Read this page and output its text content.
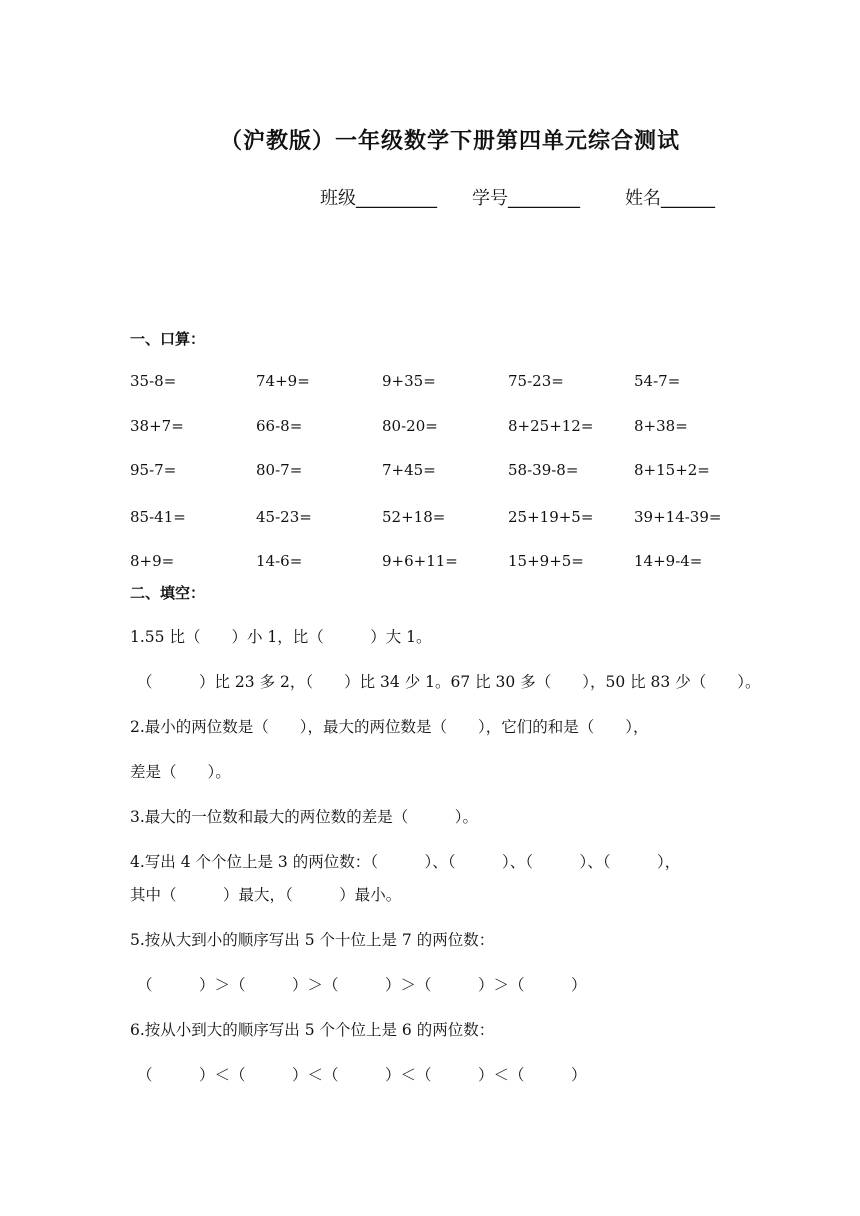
（沪教版）一年级数学下册第四单元综合测试
班级_________ 学号________	姓名______
一、口算：
35-8=	74+9=	9+35=	75-23=	54-7=
38+7=	66-8=	80-20=	8+25+12=	8+38=
95-7=	80-7=	7+45=	58-39-8=	8+15+2=
85-41=	45-23=	52+18=	25+19+5=	39+14-39=
8+9=	14-6=	9+6+11=	15+9+5=	14+9-4=
二、填空：
1.55 比（　　）小 1，比（　　　）大 1。
（　　　）比 23 多 2，（　　）比 34 少 1。67 比 30 多（　　），50 比 83 少（　　）。
2.最小的两位数是（　　），最大的两位数是（　　），它们的和是（　　），
差是（　　）。
3.最大的一位数和最大的两位数的差是（　　　）。
4.写出 4 个个位上是 3 的两位数：（　　　）、（　　　）、（　　　）、（　　　），
其中（　　　）最大，（　　　）最小。
5.按从大到小的顺序写出 5 个十位上是 7 的两位数：
（　　　）＞（　　　）＞（　　　）＞（　　　）＞（　　　）
6.按从小到大的顺序写出 5 个个位上是 6 的两位数：
（　　　）＜（　　　）＜（　　　）＜（　　　）＜（　　　）
